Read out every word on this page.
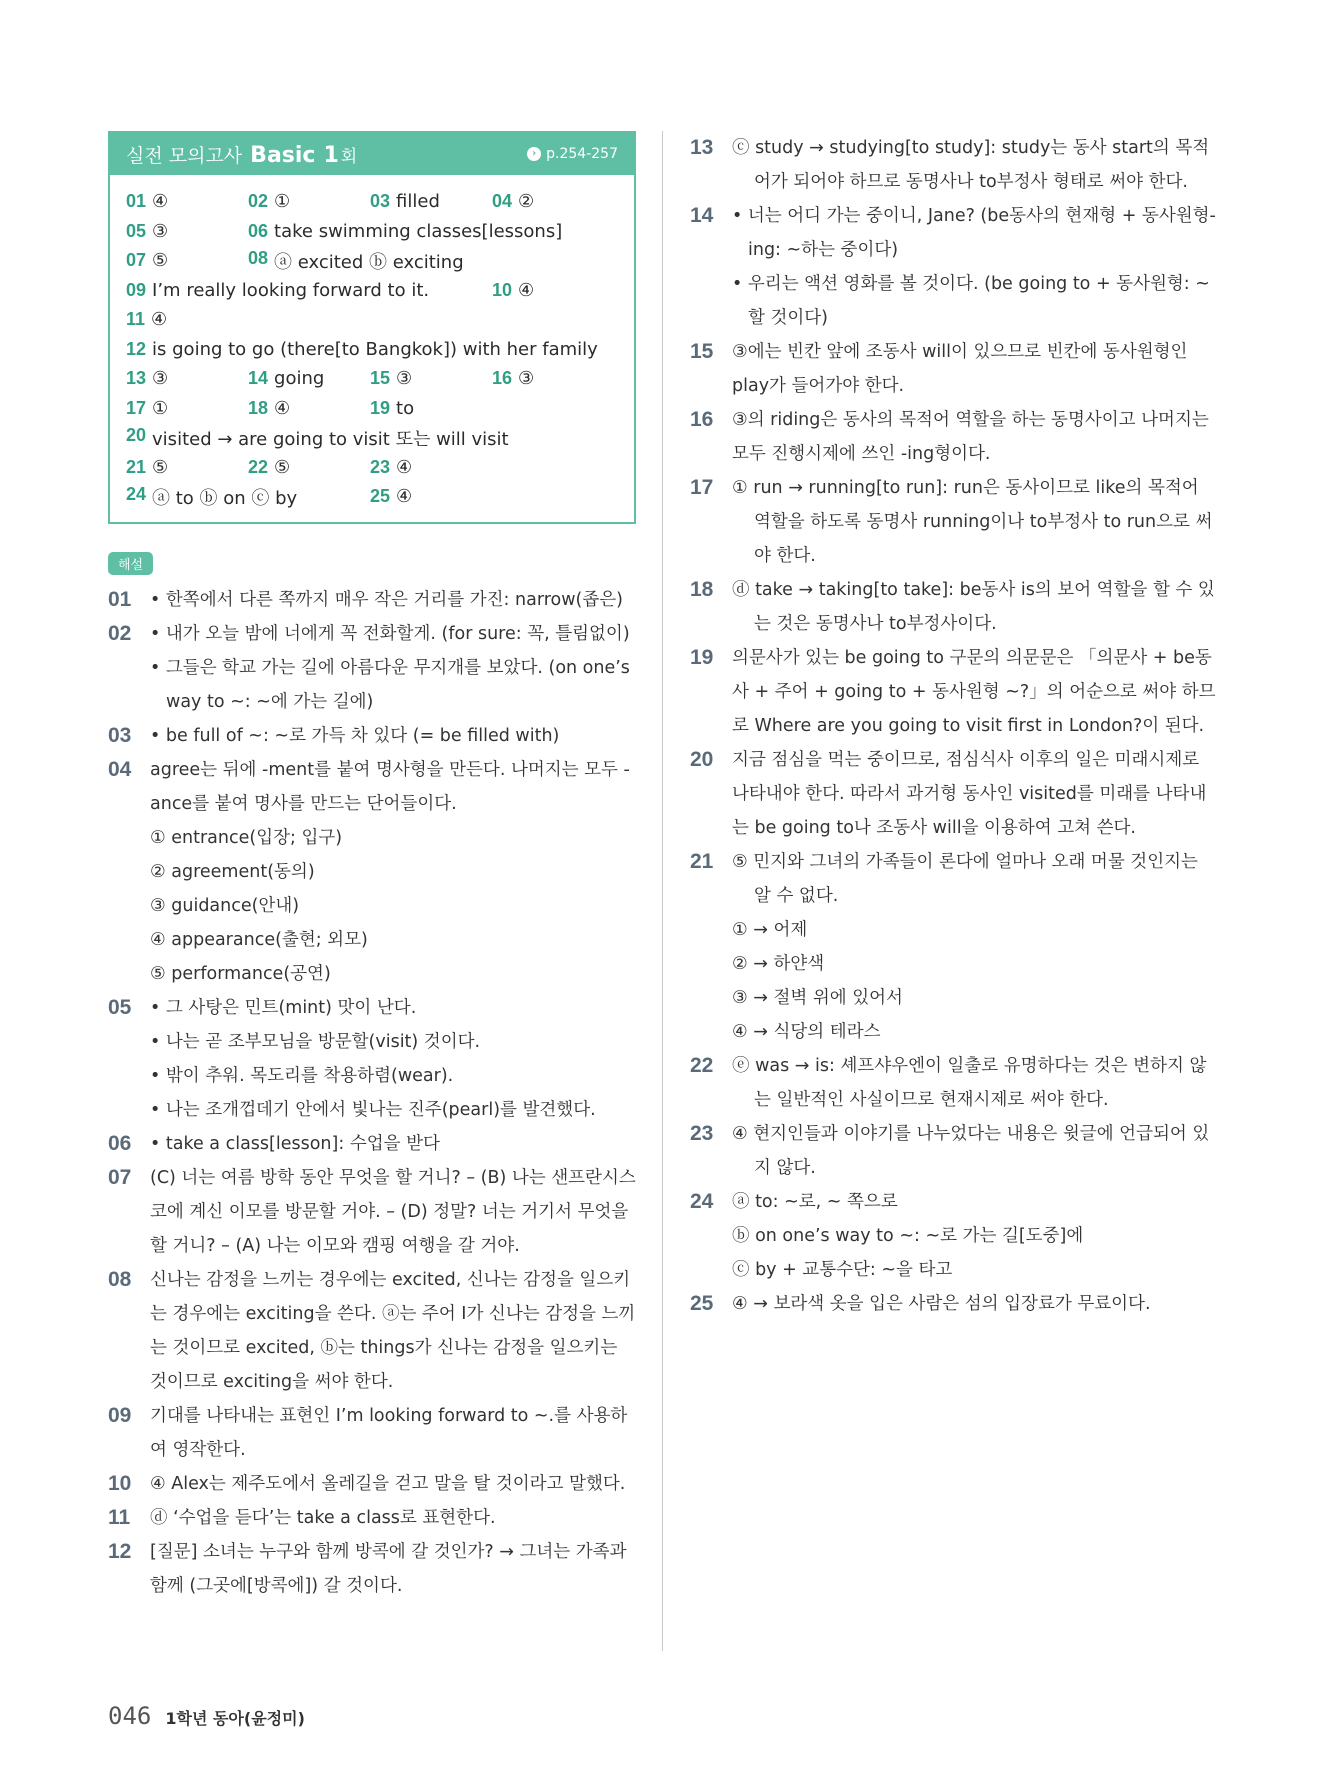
실전 모의고사 Basic 1 회	› p.254-257
01 ④	02 ①	03 filled	04 ②
05 ③	06 take swimming classes[lessons]
07 ⑤	08 ⓐ excited ⓑ exciting
09 I’m really looking forward to it.	10 ④
11 ④
12 is going to go (there[to Bangkok]) with her family
13 ③	14 going	15 ③	16 ③
17 ①	18 ④	19 to
20 visited → are going to visit 또는 will visit
21 ⑤	22 ⑤	23 ④
24 ⓐ to ⓑ on ⓒ by	25 ④
해설
01	• 한쪽에서 다른 쪽까지 매우 작은 거리를 가진: narrow(좁은)
02	• 내가 오늘 밤에 너에게 꼭 전화할게. (for sure: 꼭, 틀림없이)
• 그들은 학교 가는 길에 아름다운 무지개를 보았다. (on one’s way to ~: ~에 가는 길에)
03	• be full of ~: ~로 가득 차 있다 (= be filled with)
04	agree는 뒤에 -ment를 붙여 명사형을 만든다. 나머지는 모두 -ance를 붙여 명사를 만드는 단어들이다.
① entrance(입장; 입구)
② agreement(동의)
③ guidance(안내)
④ appearance(출현; 외모)
⑤ performance(공연)
05	• 그 사탕은 민트(mint) 맛이 난다.
• 나는 곧 조부모님을 방문할(visit) 것이다.
• 밖이 추워. 목도리를 착용하렴(wear).
• 나는 조개껍데기 안에서 빛나는 진주(pearl)를 발견했다.
06	• take a class[lesson]: 수업을 받다
07	(C) 너는 여름 방학 동안 무엇을 할 거니? – (B) 나는 샌프란시스코에 계신 이모를 방문할 거야. – (D) 정말? 너는 거기서 무엇을 할 거니? – (A) 나는 이모와 캠핑 여행을 갈 거야.
08	신나는 감정을 느끼는 경우에는 excited, 신나는 감정을 일으키는 경우에는 exciting을 쓴다. ⓐ는 주어 I가 신나는 감정을 느끼는 것이므로 excited, ⓑ는 things가 신나는 감정을 일으키는 것이므로 exciting을 써야 한다.
09	기대를 나타내는 표현인 I’m looking forward to ~.를 사용하여 영작한다.
10	④ Alex는 제주도에서 올레길을 걷고 말을 탈 것이라고 말했다.
11	ⓓ ‘수업을 듣다’는 take a class로 표현한다.
12	[질문] 소녀는 누구와 함께 방콕에 갈 것인가? → 그녀는 가족과 함께 (그곳에[방콕에]) 갈 것이다.
13	ⓒ study → studying[to study]: study는 동사 start의 목적어가 되어야 하므로 동명사나 to부정사 형태로 써야 한다.
14	• 너는 어디 가는 중이니, Jane? (be동사의 현재형 + 동사원형-ing: ~하는 중이다)
• 우리는 액션 영화를 볼 것이다. (be going to + 동사원형: ~할 것이다)
15	③에는 빈칸 앞에 조동사 will이 있으므로 빈칸에 동사원형인 play가 들어가야 한다.
16	③의 riding은 동사의 목적어 역할을 하는 동명사이고 나머지는 모두 진행시제에 쓰인 -ing형이다.
17	① run → running[to run]: run은 동사이므로 like의 목적어 역할을 하도록 동명사 running이나 to부정사 to run으로 써야 한다.
18	ⓓ take → taking[to take]: be동사 is의 보어 역할을 할 수 있는 것은 동명사나 to부정사이다.
19	의문사가 있는 be going to 구문의 의문문은 「의문사 + be동사 + 주어 + going to + 동사원형 ~?」의 어순으로 써야 하므로 Where are you going to visit first in London?이 된다.
20	지금 점심을 먹는 중이므로, 점심식사 이후의 일은 미래시제로 나타내야 한다. 따라서 과거형 동사인 visited를 미래를 나타내는 be going to나 조동사 will을 이용하여 고쳐 쓴다.
21	⑤ 민지와 그녀의 가족들이 론다에 얼마나 오래 머물 것인지는 알 수 없다.
① → 어제
② → 하얀색
③ → 절벽 위에 있어서
④ → 식당의 테라스
22	ⓔ was → is: 셰프샤우엔이 일출로 유명하다는 것은 변하지 않는 일반적인 사실이므로 현재시제로 써야 한다.
23	④ 현지인들과 이야기를 나누었다는 내용은 윗글에 언급되어 있지 않다.
24	ⓐ to: ~로, ~ 쪽으로
ⓑ on one’s way to ~: ~로 가는 길[도중]에
ⓒ by + 교통수단: ~을 타고
25	④ → 보라색 옷을 입은 사람은 섬의 입장료가 무료이다.
046 1학년 동아(윤정미)
